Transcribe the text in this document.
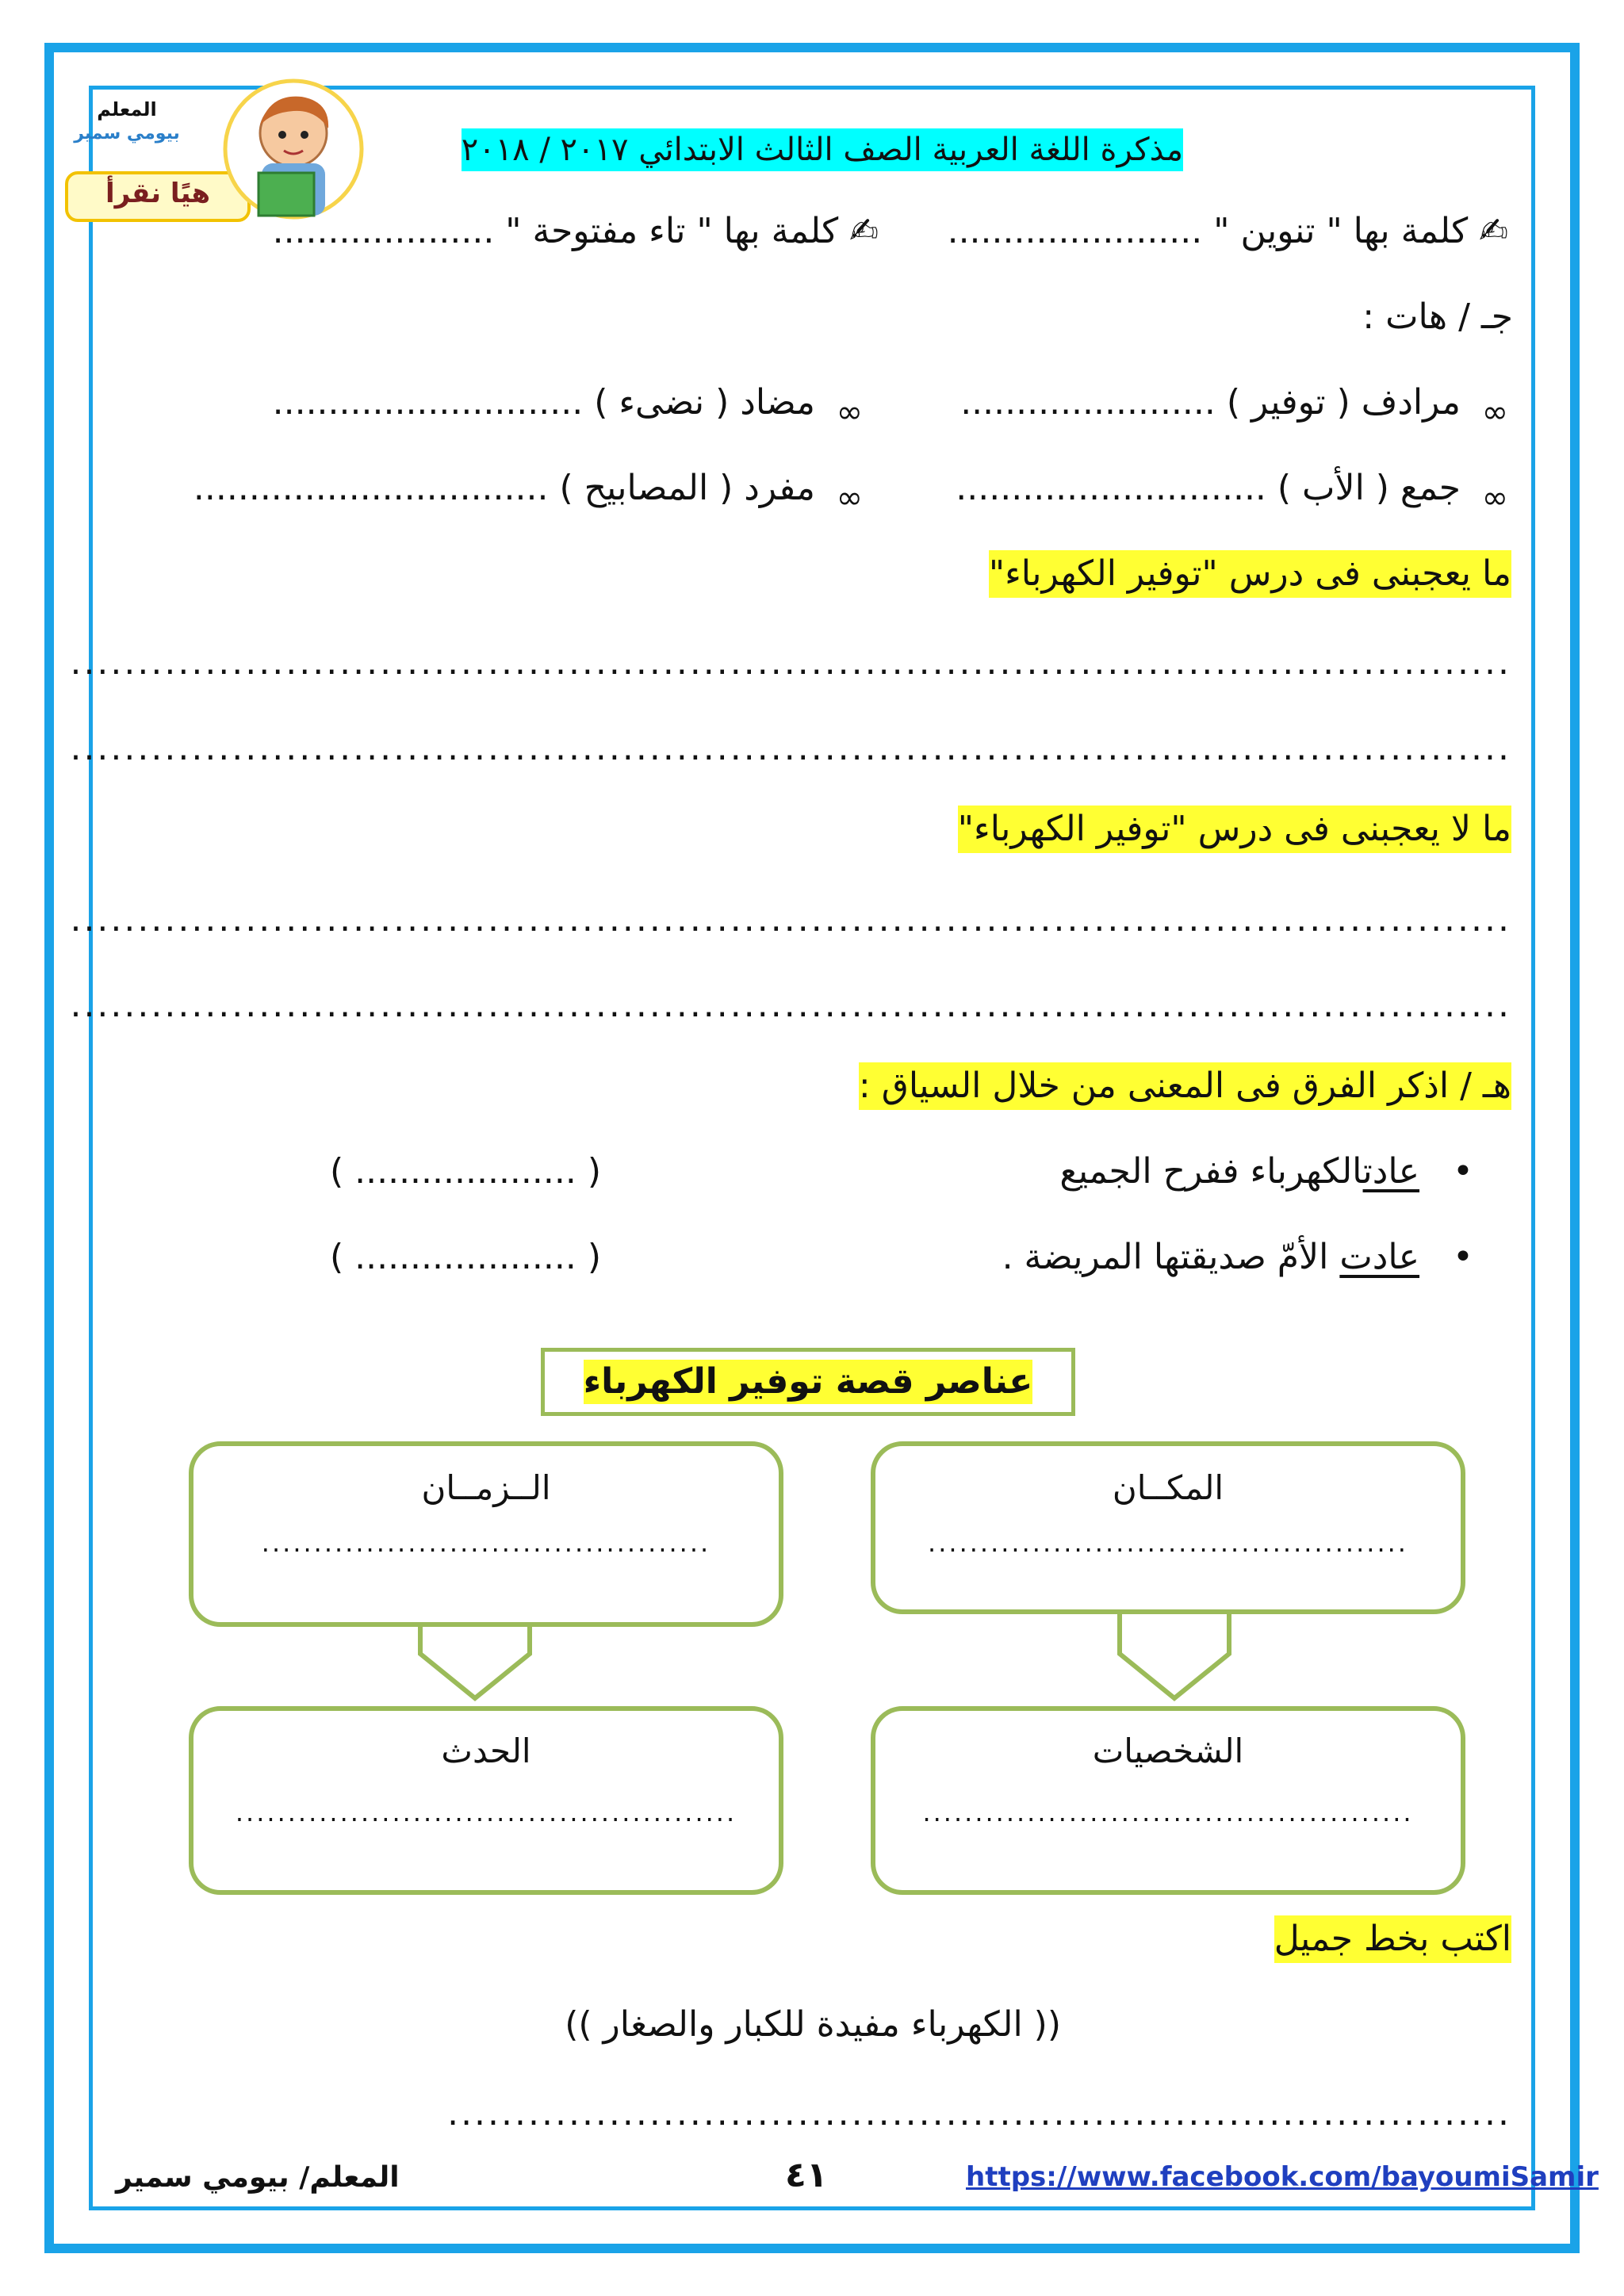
المعلم
بيومي سمير
هيًا نقرأ
مذكرة اللغة العربية الصف الثالث الابتدائي ٢٠١٧ / ٢٠١٨
✍ كلمة بها " تنوين " .......................
✍ كلمة بها " تاء مفتوحة " ....................
جـ / هات :
∞
مرادف ( توفير ) .......................
∞
مضاد ( نضىء ) ............................
∞
جمع ( الأب ) ............................
∞
مفرد ( المصابيح ) ................................
ما يعجبنى فى درس "توفير الكهرباء"
...........................................................................................................
...........................................................................................................
ما لا يعجبنى فى درس "توفير الكهرباء"
...........................................................................................................
...........................................................................................................
هـ / اذكر الفرق فى المعنى من خلال السياق :
• عادتالكهرباء ففرح الجميع
( .................... )
• عادت الأمّ صديقتها المريضة .
( .................... )
عناصر قصة توفير الكهرباء
المكــان
..............................................
الــزمــان
...........................................
الشخصيات
...............................................
الحدث
................................................
اكتب بخط جميل
(( الكهرباء مفيدة للكبار والصغار ))
...............................................................................
المعلم/ بيومي سمير	٤١	https://www.facebook.com/bayoumiSamir
